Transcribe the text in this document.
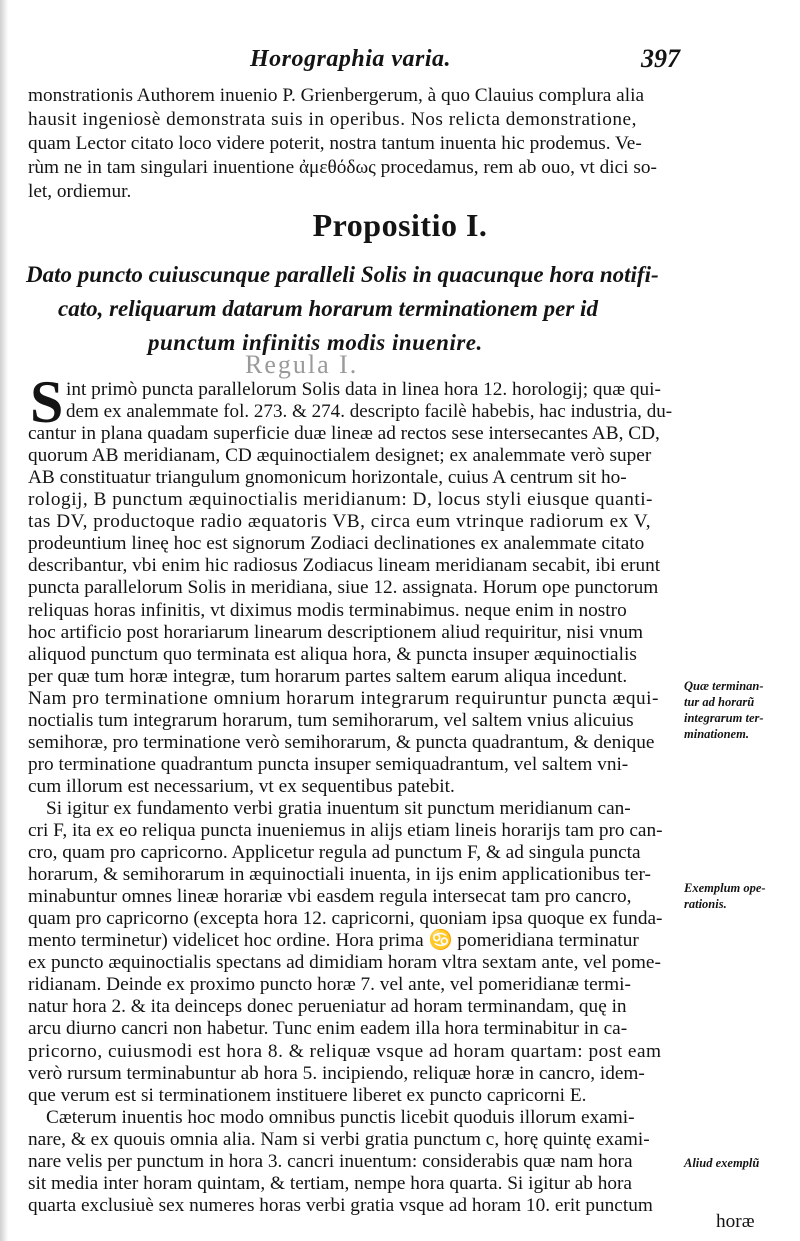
Horographia varia.	397
monstrationis Authorem inuenio P. Grienbergerum, à quo Clauius complura alia
hausit ingeniosè demonstrata suis in operibus. Nos relicta demonstratione,
quam Lector citato loco videre poterit, nostra tantum inuenta hic prodemus. Ve-
rùm ne in tam singulari inuentione ἀμεθόδως procedamus, rem ab ouo, vt dici so-
let, ordiemur.
Propositio I.
Dato puncto cuiuscunque paralleli Solis in quacunque hora notifi-
cato, reliquarum datarum horarum terminationem per id
punctum infinitis modis inuenire.
Regula I.
S int primò puncta parallelorum Solis data in linea hora 12. horologij; quæ qui-
dem ex analemmate fol. 273. & 274. descripto facilè habebis, hac industria, du-
cantur in plana quadam superficie duæ lineæ ad rectos sese intersecantes AB, CD,
quorum AB meridianam, CD æquinoctialem designet; ex analemmate verò super
AB constituatur triangulum gnomonicum horizontale, cuius A centrum sit ho-
rologij, B punctum æquinoctialis meridianum: D, locus styli eiusque quanti-
tas DV, productoque radio æquatoris VB, circa eum vtrinque radiorum ex V,
prodeuntium lineę hoc est signorum Zodiaci declinationes ex analemmate citato
describantur, vbi enim hic radiosus Zodiacus lineam meridianam secabit, ibi erunt
puncta parallelorum Solis in meridiana, siue 12. assignata. Horum ope punctorum
reliquas horas infinitis, vt diximus modis terminabimus. neque enim in nostro
hoc artificio post horariarum linearum descriptionem aliud requiritur, nisi vnum
aliquod punctum quo terminata est aliqua hora, & puncta insuper æquinoctialis
per quæ tum horæ integræ, tum horarum partes saltem earum aliqua incedunt.
Nam pro terminatione omnium horarum integrarum requiruntur puncta æqui-
noctialis tum integrarum horarum, tum semihorarum, vel saltem vnius alicuius
semihoræ, pro terminatione verò semihorarum, & puncta quadrantum, & denique
pro terminatione quadrantum puncta insuper semiquadrantum, vel saltem vni-
cum illorum est necessarium, vt ex sequentibus patebit.
Si igitur ex fundamento verbi gratia inuentum sit punctum meridianum can-
cri F, ita ex eo reliqua puncta inueniemus in alijs etiam lineis horarijs tam pro can-
cro, quam pro capricorno. Applicetur regula ad punctum F, & ad singula puncta
horarum, & semihorarum in æquinoctiali inuenta, in ijs enim applicationibus ter-
minabuntur omnes lineæ horariæ vbi easdem regula intersecat tam pro cancro,
quam pro capricorno (excepta hora 12. capricorni, quoniam ipsa quoque ex funda-
mento terminetur) videlicet hoc ordine. Hora prima ♋ pomeridiana terminatur
ex puncto æquinoctialis spectans ad dimidiam horam vltra sextam ante, vel pome-
ridianam. Deinde ex proximo puncto horæ 7. vel ante, vel pomeridianæ termi-
natur hora 2. & ita deinceps donec perueniatur ad horam terminandam, quę in
arcu diurno cancri non habetur. Tunc enim eadem illa hora terminabitur in ca-
pricorno, cuiusmodi est hora 8. & reliquæ vsque ad horam quartam: post eam
verò rursum terminabuntur ab hora 5. incipiendo, reliquæ horæ in cancro, idem-
que verum est si terminationem instituere liberet ex puncto capricorni E.
Cæterum inuentis hoc modo omnibus punctis licebit quoduis illorum exami-
nare, & ex quouis omnia alia. Nam si verbi gratia punctum c, horę quintę exami-
nare velis per punctum in hora 3. cancri inuentum: considerabis quæ nam hora
sit media inter horam quintam, & tertiam, nempe hora quarta. Si igitur ab hora
quarta exclusiuè sex numeres horas verbi gratia vsque ad horam 10. erit punctum
Quæ terminan-
tur ad horarũ
integrarum ter-
minationem.
Exemplum ope-
rationis.
Aliud exemplũ
horæ
